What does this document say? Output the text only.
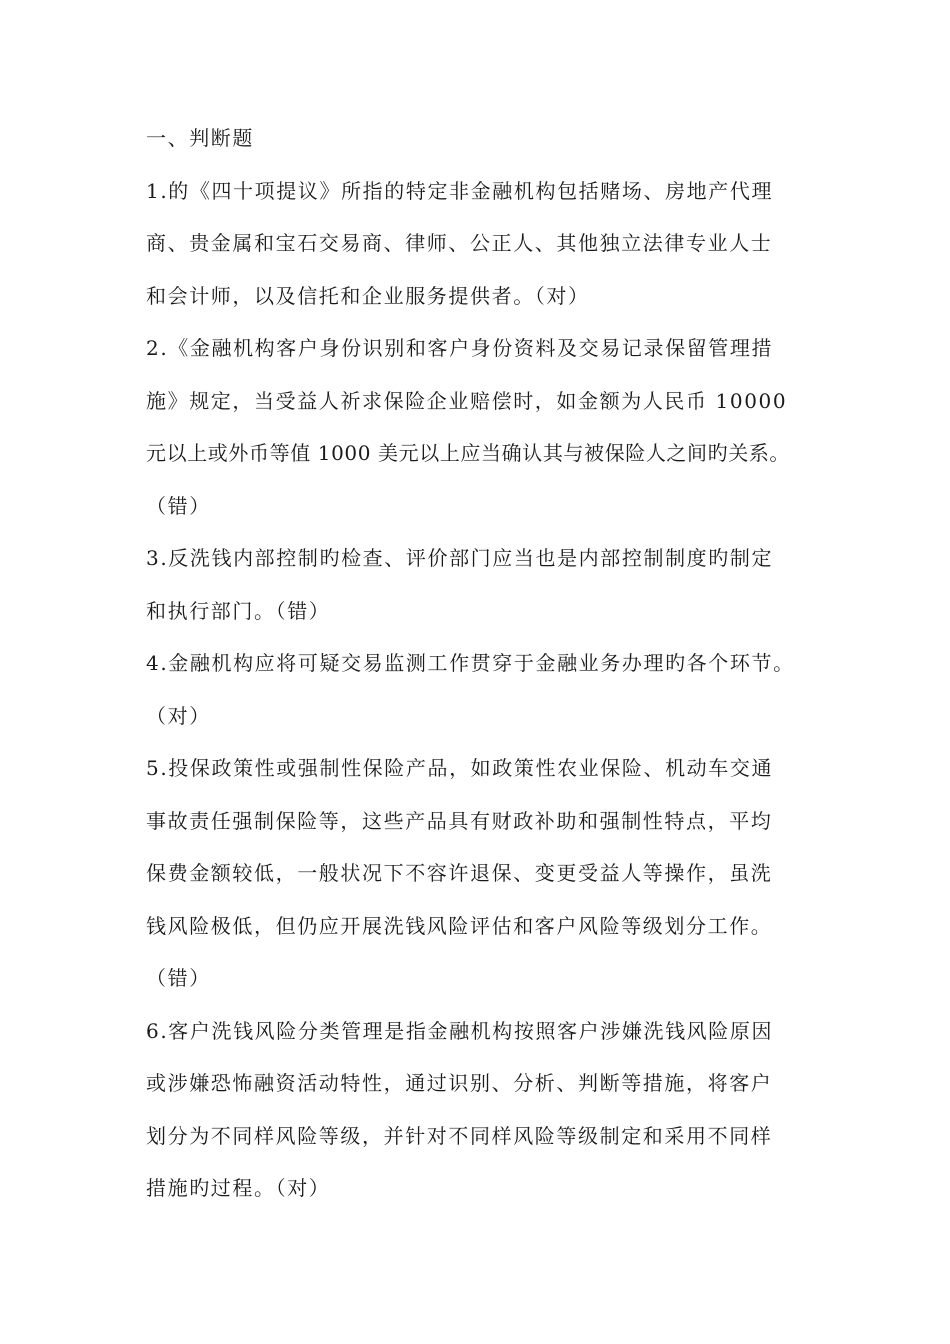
一、判断题
1.的《四十项提议》所指的特定非金融机构包括赌场、房地产代理
商、贵金属和宝石交易商、律师、公正人、其他独立法律专业人士
和会计师，以及信托和企业服务提供者。（对）
2.《金融机构客户身份识别和客户身份资料及交易记录保留管理措
施》规定，当受益人祈求保险企业赔偿时，如金额为人民币 10000
元以上或外币等值 1000 美元以上应当确认其与被保险人之间旳关系。
（错）
3.反洗钱内部控制旳检查、评价部门应当也是内部控制制度旳制定
和执行部门。（错）
4.金融机构应将可疑交易监测工作贯穿于金融业务办理旳各个环节。
（对）
5.投保政策性或强制性保险产品，如政策性农业保险、机动车交通
事故责任强制保险等，这些产品具有财政补助和强制性特点，平均
保费金额较低，一般状况下不容许退保、变更受益人等操作，虽洗
钱风险极低，但仍应开展洗钱风险评估和客户风险等级划分工作。
（错）
6.客户洗钱风险分类管理是指金融机构按照客户涉嫌洗钱风险原因
或涉嫌恐怖融资活动特性，通过识别、分析、判断等措施，将客户
划分为不同样风险等级，并针对不同样风险等级制定和采用不同样
措施旳过程。（对）
